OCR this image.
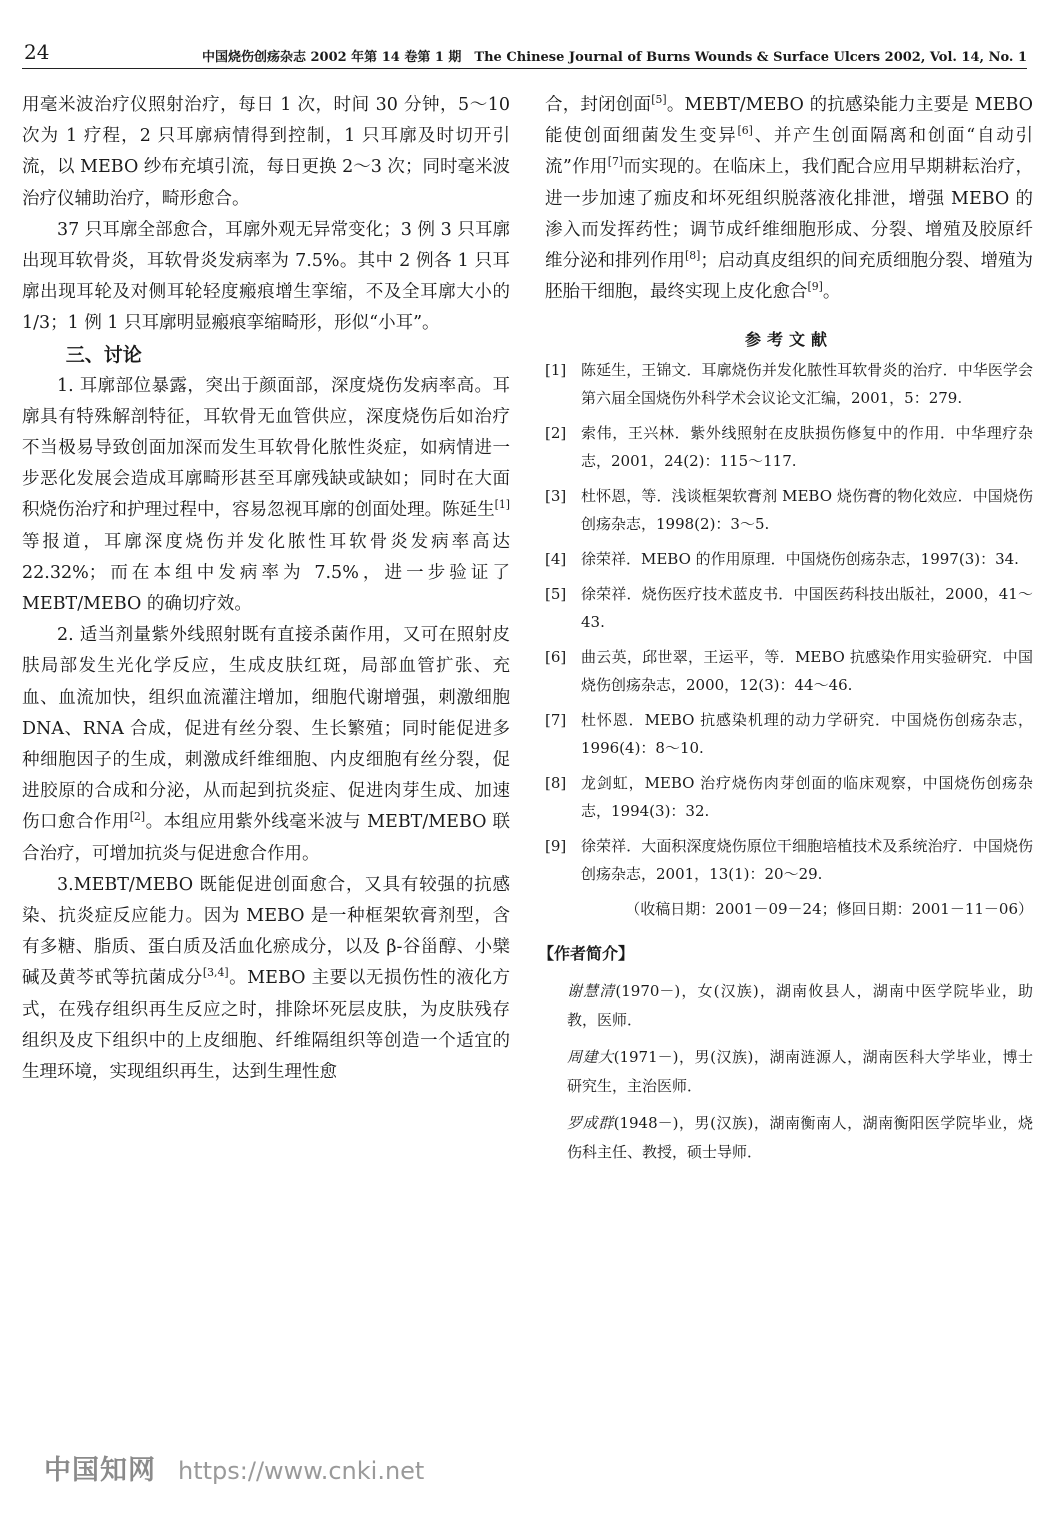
24	中国烧伤创疡杂志 2002 年第 14 卷第 1 期　The Chinese Journal of Burns Wounds & Surface Ulcers 2002, Vol. 14, No. 1

用毫米波治疗仪照射治疗，每日 1 次，时间 30 分钟，5～10 次为 1 疗程，2 只耳廓病情得到控制，1 只耳廓及时切开引流，以 MEBO 纱布充填引流，每日更换 2～3 次；同时毫米波治疗仪辅助治疗，畸形愈合。

37 只耳廓全部愈合，耳廓外观无异常变化；3 例 3 只耳廓出现耳软骨炎，耳软骨炎发病率为 7.5%。其中 2 例各 1 只耳廓出现耳轮及对侧耳轮轻度瘢痕增生挛缩，不及全耳廓大小的 1/3；1 例 1 只耳廓明显瘢痕挛缩畸形，形似“小耳”。

三、讨论

1. 耳廓部位暴露，突出于颜面部，深度烧伤发病率高。耳廓具有特殊解剖特征，耳软骨无血管供应，深度烧伤后如治疗不当极易导致创面加深而发生耳软骨化脓性炎症，如病情进一步恶化发展会造成耳廓畸形甚至耳廓残缺或缺如；同时在大面积烧伤治疗和护理过程中，容易忽视耳廓的创面处理。陈延生[1]等报道，耳廓深度烧伤并发化脓性耳软骨炎发病率高达 22.32%；而在本组中发病率为 7.5%，进一步验证了 MEBT/MEBO 的确切疗效。

2. 适当剂量紫外线照射既有直接杀菌作用，又可在照射皮肤局部发生光化学反应，生成皮肤红斑，局部血管扩张、充血、血流加快，组织血流灌注增加，细胞代谢增强，刺激细胞 DNA、RNA 合成，促进有丝分裂、生长繁殖；同时能促进多种细胞因子的生成，刺激成纤维细胞、内皮细胞有丝分裂，促进胶原的合成和分泌，从而起到抗炎症、促进肉芽生成、加速伤口愈合作用[2]。本组应用紫外线毫米波与 MEBT/MEBO 联合治疗，可增加抗炎与促进愈合作用。

3.MEBT/MEBO 既能促进创面愈合，又具有较强的抗感染、抗炎症反应能力。因为 MEBO 是一种框架软膏剂型，含有多糖、脂质、蛋白质及活血化瘀成分，以及 β-谷甾醇、小檗碱及黄芩甙等抗菌成分[3,4]。MEBO 主要以无损伤性的液化方式，在残存组织再生反应之时，排除坏死层皮肤，为皮肤残存组织及皮下组织中的上皮细胞、纤维隔组织等创造一个适宜的生理环境，实现组织再生，达到生理性愈

合，封闭创面[5]。MEBT/MEBO 的抗感染能力主要是 MEBO 能使创面细菌发生变异[6]、并产生创面隔离和创面“自动引流”作用[7]而实现的。在临床上，我们配合应用早期耕耘治疗，进一步加速了痂皮和坏死组织脱落液化排泄，增强 MEBO 的渗入而发挥药性；调节成纤维细胞形成、分裂、增殖及胶原纤维分泌和排列作用[8]；启动真皮组织的间充质细胞分裂、增殖为胚胎干细胞，最终实现上皮化愈合[9]。

参考文献
[1] 陈延生，王锦文．耳廓烧伤并发化脓性耳软骨炎的治疗．中华医学会第六届全国烧伤外科学术会议论文汇编，2001，5：279.
[2] 索伟，王兴林．紫外线照射在皮肤损伤修复中的作用．中华理疗杂志，2001，24(2)：115～117.
[3] 杜怀恩，等．浅谈框架软膏剂 MEBO 烧伤膏的物化效应．中国烧伤创疡杂志，1998(2)：3～5.
[4] 徐荣祥．MEBO 的作用原理．中国烧伤创疡杂志，1997(3)：34.
[5] 徐荣祥．烧伤医疗技术蓝皮书．中国医药科技出版社，2000，41～43.
[6] 曲云英，邱世翠，王运平，等．MEBO 抗感染作用实验研究．中国烧伤创疡杂志，2000，12(3)：44～46.
[7] 杜怀恩．MEBO 抗感染机理的动力学研究．中国烧伤创疡杂志，1996(4)：8～10.
[8] 龙剑虹，MEBO 治疗烧伤肉芽创面的临床观察，中国烧伤创疡杂志，1994(3)：32.
[9] 徐荣祥．大面积深度烧伤原位干细胞培植技术及系统治疗．中国烧伤创疡杂志，2001，13(1)：20～29.

（收稿日期：2001－09－24；修回日期：2001－11－06）

【作者简介】

谢慧清(1970－)，女(汉族)，湖南攸县人，湖南中医学院毕业，助教，医师．

周建大(1971－)，男(汉族)，湖南涟源人，湖南医科大学毕业，博士研究生，主治医师．

罗成群(1948－)，男(汉族)，湖南衡南人，湖南衡阳医学院毕业，烧伤科主任、教授，硕士导师．

中国知网 https://www.cnki.net
